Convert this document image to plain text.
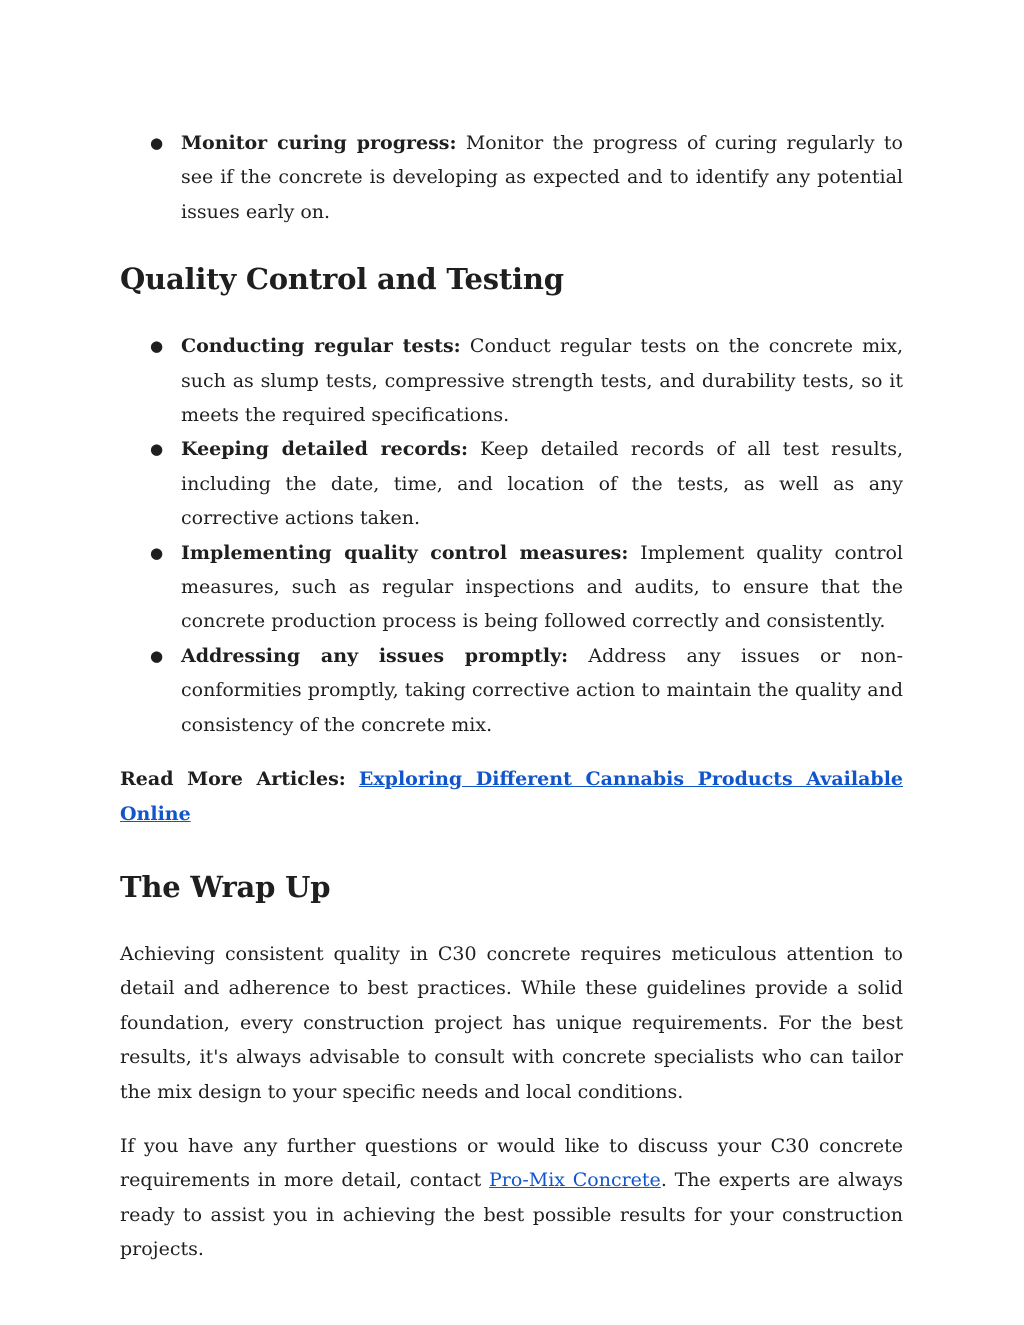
● Monitor curing progress: Monitor the progress of curing regularly to see if the concrete is developing as expected and to identify any potential issues early on.
Quality Control and Testing
● Conducting regular tests: Conduct regular tests on the concrete mix, such as slump tests, compressive strength tests, and durability tests, so it meets the required specifications.
● Keeping detailed records: Keep detailed records of all test results, including the date, time, and location of the tests, as well as any corrective actions taken.
● Implementing quality control measures: Implement quality control measures, such as regular inspections and audits, to ensure that the concrete production process is being followed correctly and consistently.
● Addressing any issues promptly: Address any issues or non-conformities promptly, taking corrective action to maintain the quality and consistency of the concrete mix.

Read More Articles: Exploring Different Cannabis Products Available Online

The Wrap Up

Achieving consistent quality in C30 concrete requires meticulous attention to detail and adherence to best practices. While these guidelines provide a solid foundation, every construction project has unique requirements. For the best results, it's always advisable to consult with concrete specialists who can tailor the mix design to your specific needs and local conditions.

If you have any further questions or would like to discuss your C30 concrete requirements in more detail, contact Pro-Mix Concrete. The experts are always ready to assist you in achieving the best possible results for your construction projects.
